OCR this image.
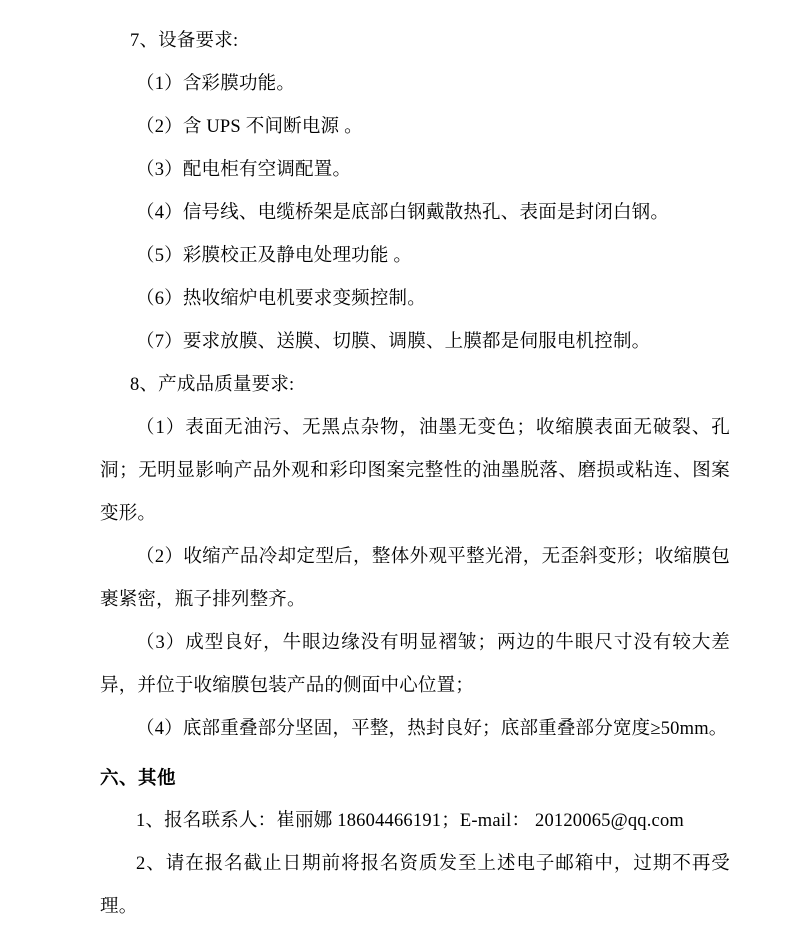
7、设备要求:

（1）含彩膜功能。

（2）含 UPS 不间断电源 。

（3）配电柜有空调配置。

（4）信号线、电缆桥架是底部白钢戴散热孔、表面是封闭白钢。

（5）彩膜校正及静电处理功能 。

（6）热收缩炉电机要求变频控制。

（7）要求放膜、送膜、切膜、调膜、上膜都是伺服电机控制。

8、产成品质量要求:

（1）表面无油污、无黑点杂物，油墨无变色；收缩膜表面无破裂、孔洞；无明显影响产品外观和彩印图案完整性的油墨脱落、磨损或粘连、图案变形。

（2）收缩产品冷却定型后，整体外观平整光滑，无歪斜变形；收缩膜包裹紧密，瓶子排列整齐。

（3）成型良好，牛眼边缘没有明显褶皱；两边的牛眼尺寸没有较大差异，并位于收缩膜包装产品的侧面中心位置；

（4）底部重叠部分坚固，平整，热封良好；底部重叠部分宽度≥50mm。

六、其他

1、报名联系人：崔丽娜 18604466191；E-mail： 20120065@qq.com

2、请在报名截止日期前将报名资质发至上述电子邮箱中，过期不再受理。
